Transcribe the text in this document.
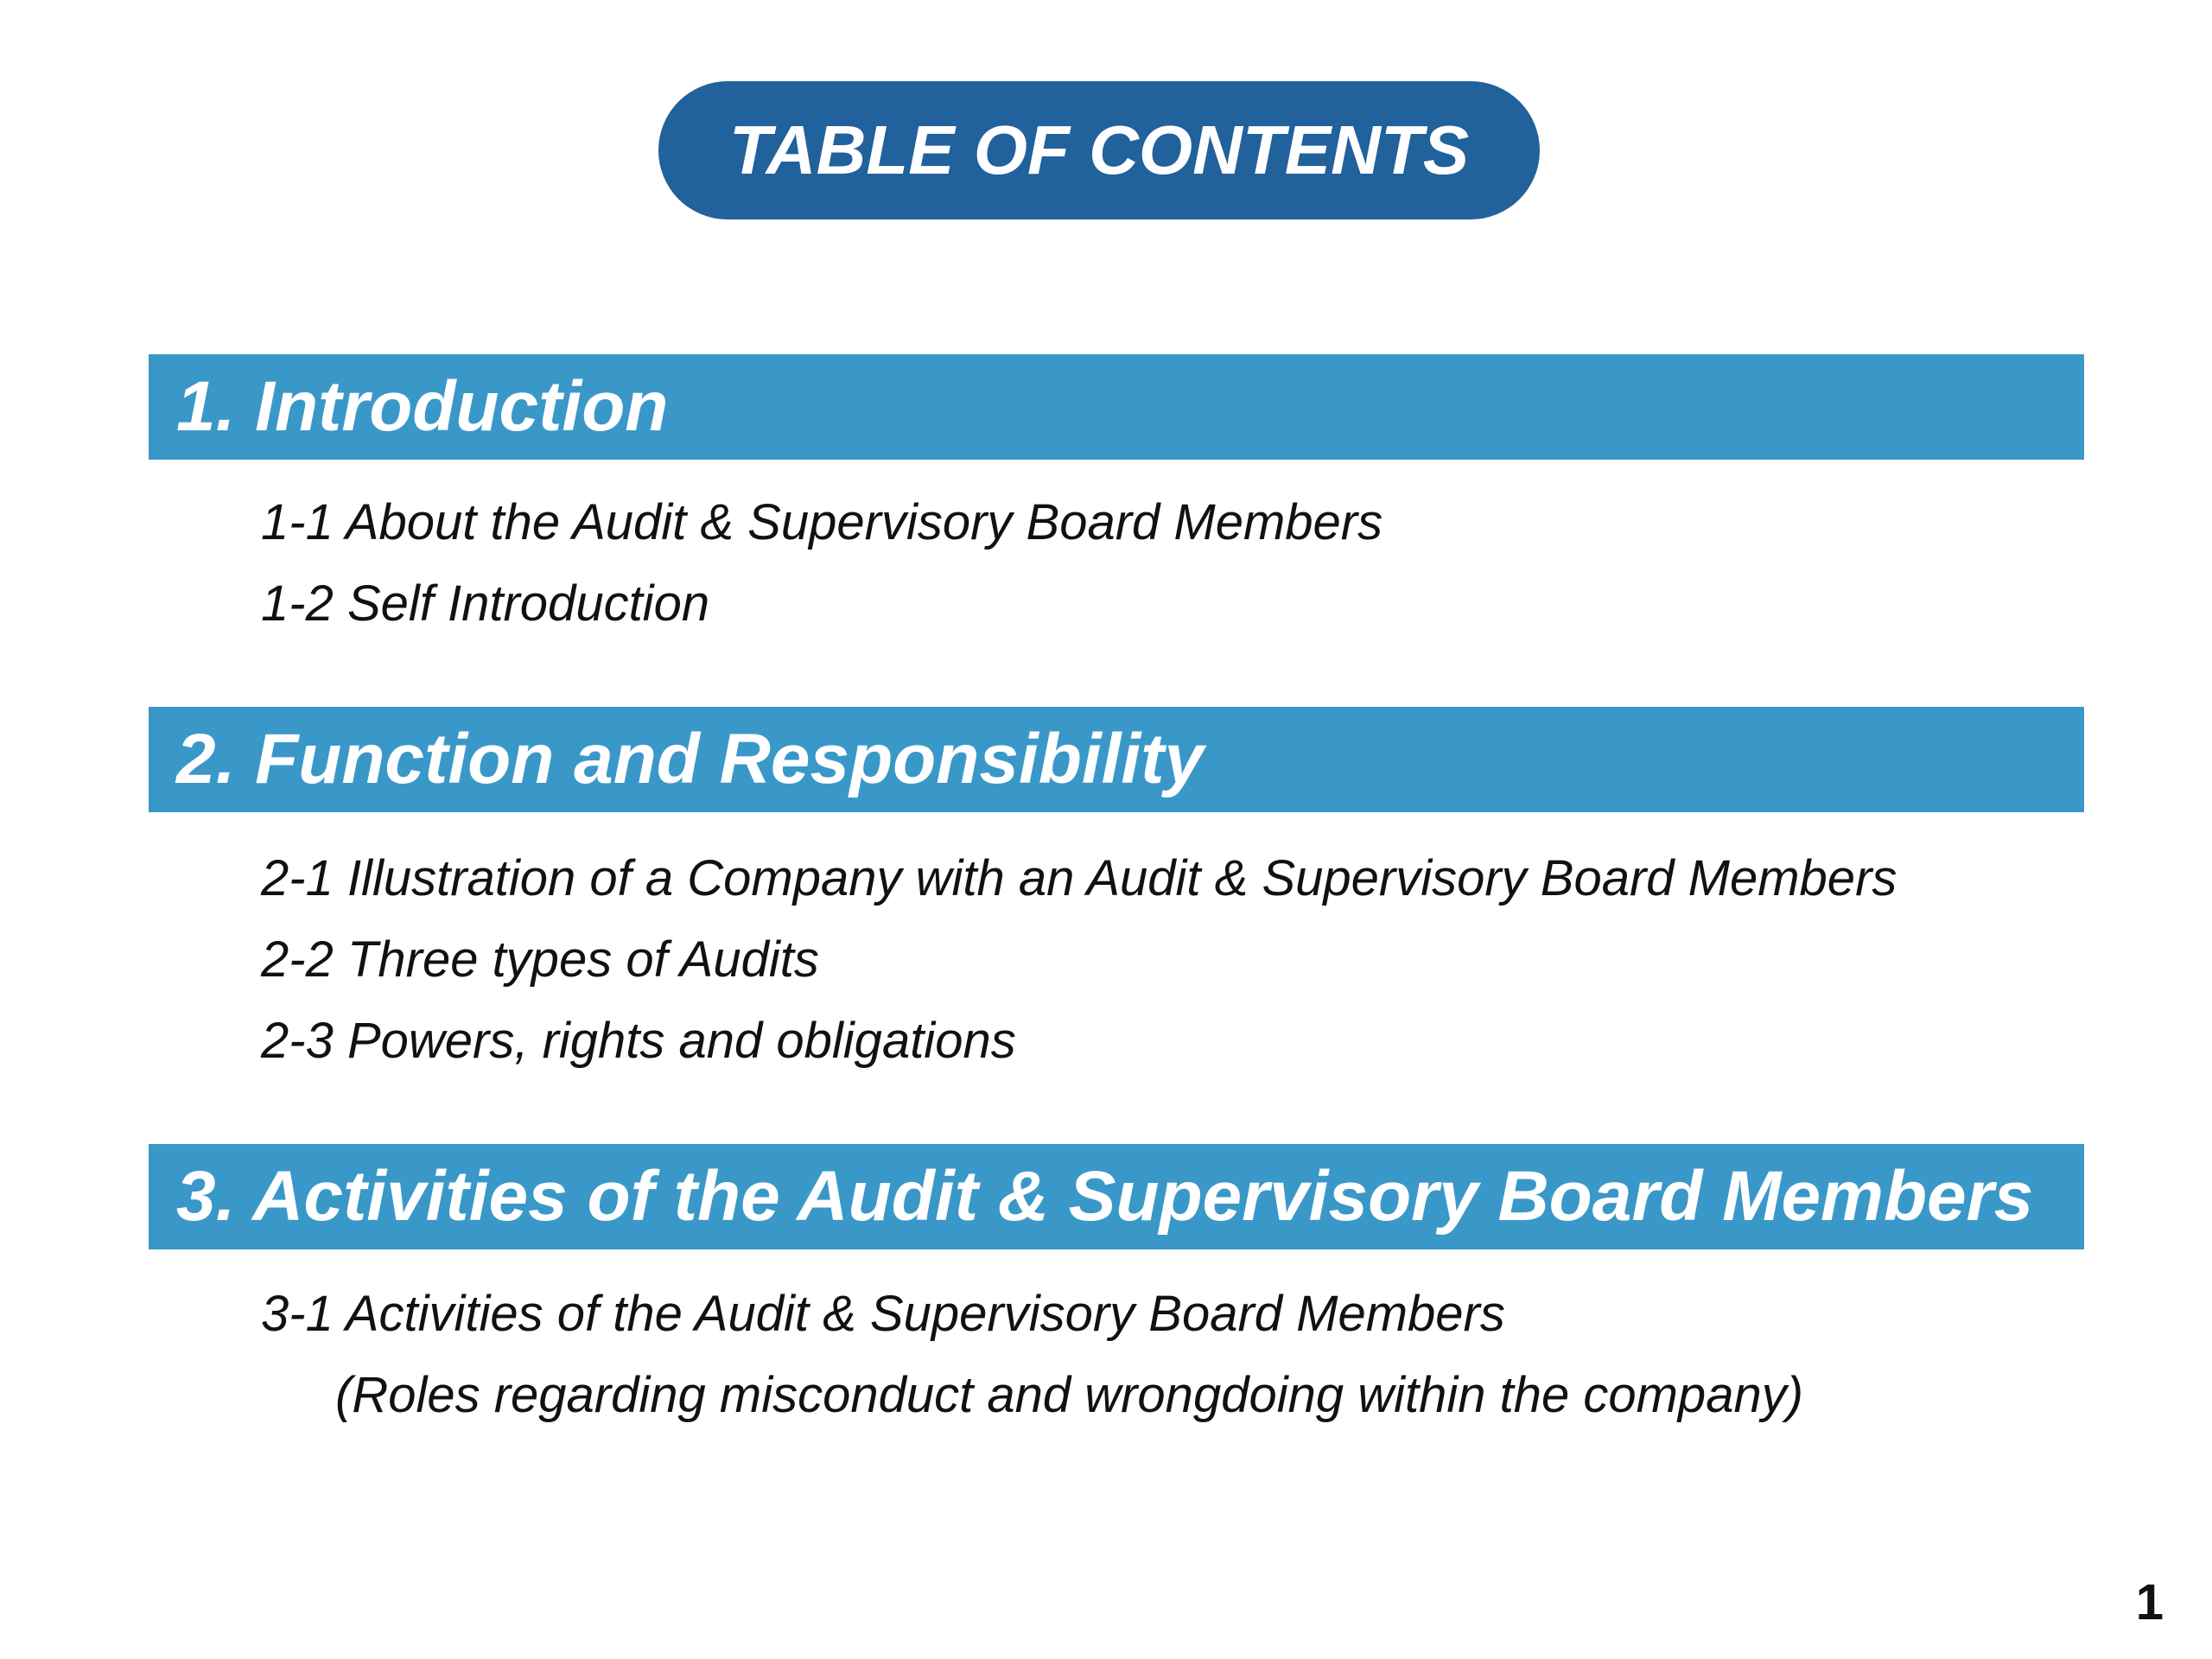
TABLE OF CONTENTS
1. Introduction
1-1 About the Audit & Supervisory Board Members
1-2 Self Introduction
2. Function and Responsibility
2-1 Illustration of a Company with an Audit & Supervisory Board Members
2-2 Three types of Audits
2-3 Powers, rights and obligations
3. Activities of the Audit & Supervisory Board Members
3-1 Activities of the Audit & Supervisory Board Members
(Roles regarding misconduct and wrongdoing within the company)
1
